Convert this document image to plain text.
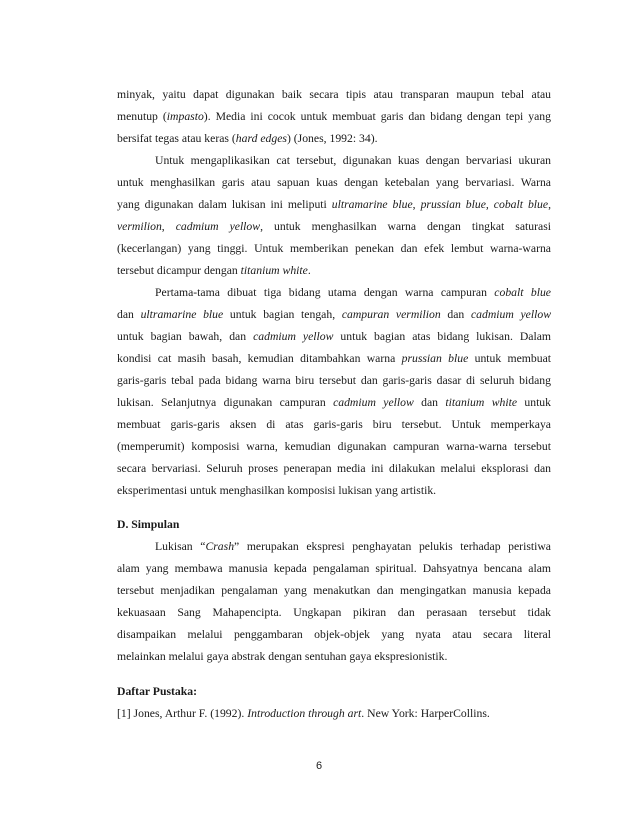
minyak, yaitu dapat digunakan baik secara tipis atau transparan maupun tebal atau
menutup (impasto). Media ini cocok untuk membuat garis dan bidang dengan tepi yang
bersifat tegas atau keras (hard edges) (Jones, 1992: 34).
Untuk mengaplikasikan cat tersebut, digunakan kuas dengan bervariasi ukuran
untuk menghasilkan garis atau sapuan kuas dengan ketebalan yang bervariasi. Warna
yang digunakan dalam lukisan ini meliputi ultramarine blue, prussian blue, cobalt blue,
vermilion, cadmium yellow, untuk menghasilkan warna dengan tingkat saturasi
(kecerlangan) yang tinggi. Untuk memberikan penekan dan efek lembut warna-warna
tersebut dicampur dengan titanium white.
Pertama-tama dibuat tiga bidang utama dengan warna campuran cobalt blue
dan ultramarine blue untuk bagian tengah, campuran vermilion dan cadmium yellow
untuk bagian bawah, dan cadmium yellow untuk bagian atas bidang lukisan. Dalam
kondisi cat masih basah, kemudian ditambahkan warna prussian blue untuk membuat
garis-garis tebal pada bidang warna biru tersebut dan garis-garis dasar di seluruh bidang
lukisan. Selanjutnya digunakan campuran cadmium yellow dan titanium white untuk
membuat garis-garis aksen di atas garis-garis biru tersebut. Untuk memperkaya
(memperumit) komposisi warna, kemudian digunakan campuran warna-warna tersebut
secara bervariasi. Seluruh proses penerapan media ini dilakukan melalui eksplorasi dan
eksperimentasi untuk menghasilkan komposisi lukisan yang artistik.
D. Simpulan
Lukisan “Crash” merupakan ekspresi penghayatan pelukis terhadap peristiwa
alam yang membawa manusia kepada pengalaman spiritual. Dahsyatnya bencana alam
tersebut menjadikan pengalaman yang menakutkan dan mengingatkan manusia kepada
kekuasaan Sang Mahapencipta. Ungkapan pikiran dan perasaan tersebut tidak
disampaikan melalui penggambaran objek-objek yang nyata atau secara literal
melainkan melalui gaya abstrak dengan sentuhan gaya ekspresionistik.
Daftar Pustaka:
[1] Jones, Arthur F. (1992). Introduction through art. New York: HarperCollins.
6
